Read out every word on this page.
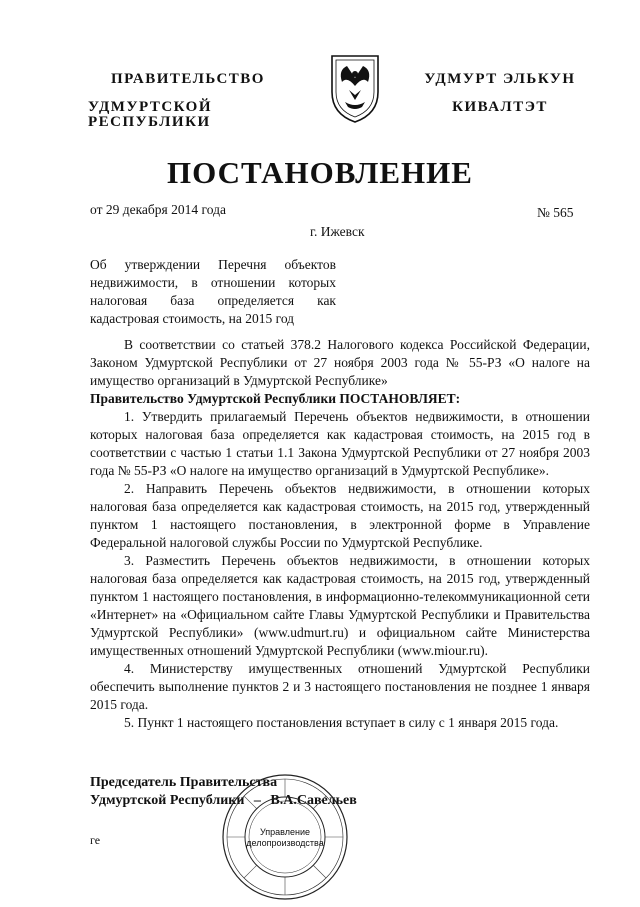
ПРАВИТЕЛЬСТВО
УДМУРТСКОЙ РЕСПУБЛИКИ
УДМУРТ ЭЛЬКУН
КИВАЛТЭТ
ПОСТАНОВЛЕНИЕ
от 29 декабря 2014 года	№ 565
г. Ижевск
Об утверждении Перечня объектов
недвижимости, в отношении которых
налоговая база определяется как
кадастровая стоимость, на 2015 год

В соответствии со статьей 378.2 Налогового кодекса Российской Федерации, Законом Удмуртской Республики от 27 ноября 2003 года № 55-РЗ «О налоге на имущество организаций в Удмуртской Республике»

Правительство Удмуртской Республики ПОСТАНОВЛЯЕТ:

1. Утвердить прилагаемый Перечень объектов недвижимости, в отношении которых налоговая база определяется как кадастровая стоимость, на 2015 год в соответствии с частью 1 статьи 1.1 Закона Удмуртской Республики от 27 ноября 2003 года № 55-РЗ «О налоге на имущество организаций в Удмуртской Республике».

2. Направить Перечень объектов недвижимости, в отношении которых налоговая база определяется как кадастровая стоимость, на 2015 год, утвержденный пунктом 1 настоящего постановления, в электронной форме в Управление Федеральной налоговой службы России по Удмуртской Республике.

3. Разместить Перечень объектов недвижимости, в отношении которых налоговая база определяется как кадастровая стоимость, на 2015 год, утвержденный пунктом 1 настоящего постановления, в информационно-телекоммуникационной сети «Интернет» на «Официальном сайте Главы Удмуртской Республики и Правительства Удмуртской Республики» (www.udmurt.ru) и официальном сайте Министерства имущественных отношений Удмуртской Республики (www.miour.ru).

4. Министерству имущественных отношений Удмуртской Республики обеспечить выполнение пунктов 2 и 3 настоящего постановления не позднее 1 января 2015 года.

5. Пункт 1 настоящего постановления вступает в силу с 1 января 2015 года.

Председатель Правительства
Удмуртской Республики – В.А.Савельев
Управление
делопроизводства
ге
